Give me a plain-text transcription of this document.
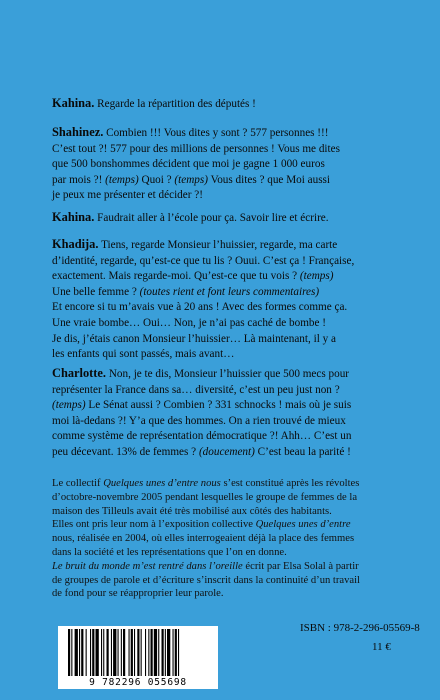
Kahina. Regarde la répartition des députés !
Shahinez. Combien !!! Vous dites y sont ? 577 personnes !!!
C’est tout ?! 577 pour des millions de personnes ! Vous me dites
que 500 bonshommes décident que moi je gagne 1 000 euros
par mois ?! (temps) Quoi ? (temps) Vous dites ? que Moi aussi
je peux me présenter et décider ?!
Kahina. Faudrait aller à l’école pour ça. Savoir lire et écrire.
Khadija. Tiens, regarde Monsieur l’huissier, regarde, ma carte
d’identité, regarde, qu’est-ce que tu lis ? Ouui. C’est ça ! Française,
exactement. Mais regarde-moi. Qu’est-ce que tu vois ? (temps)
Une belle femme ? (toutes rient et font leurs commentaires)
Et encore si tu m’avais vue à 20 ans ! Avec des formes comme ça.
Une vraie bombe… Oui… Non, je n’ai pas caché de bombe !
Je dis, j’étais canon Monsieur l’huissier… Là maintenant, il y a
les enfants qui sont passés, mais avant…
Charlotte. Non, je te dis, Monsieur l’huissier que 500 mecs pour
représenter la France dans sa… diversité, c’est un peu just non ?
(temps) Le Sénat aussi ? Combien ? 331 schnocks ! mais où je suis
moi là-dedans ?! Y’a que des hommes. On a rien trouvé de mieux
comme système de représentation démocratique ?! Ahh… C’est un
peu décevant. 13% de femmes ? (doucement) C’est beau la parité !
Le collectif Quelques unes d’entre nous s’est constitué après les révoltes
d’octobre-novembre 2005 pendant lesquelles le groupe de femmes de la
maison des Tilleuls avait été très mobilisé aux côtés des habitants.
Elles ont pris leur nom à l’exposition collective Quelques unes d’entre
nous, réalisée en 2004, où elles interrogeaient déjà la place des femmes
dans la société et les représentations que l’on en donne.
Le bruit du monde m’est rentré dans l’oreille écrit par Elsa Solal à partir
de groupes de parole et d’écriture s’inscrit dans la continuité d’un travail
de fond pour se réapproprier leur parole.
9 782296 055698
ISBN : 978-2-296-05569-8
11 €
